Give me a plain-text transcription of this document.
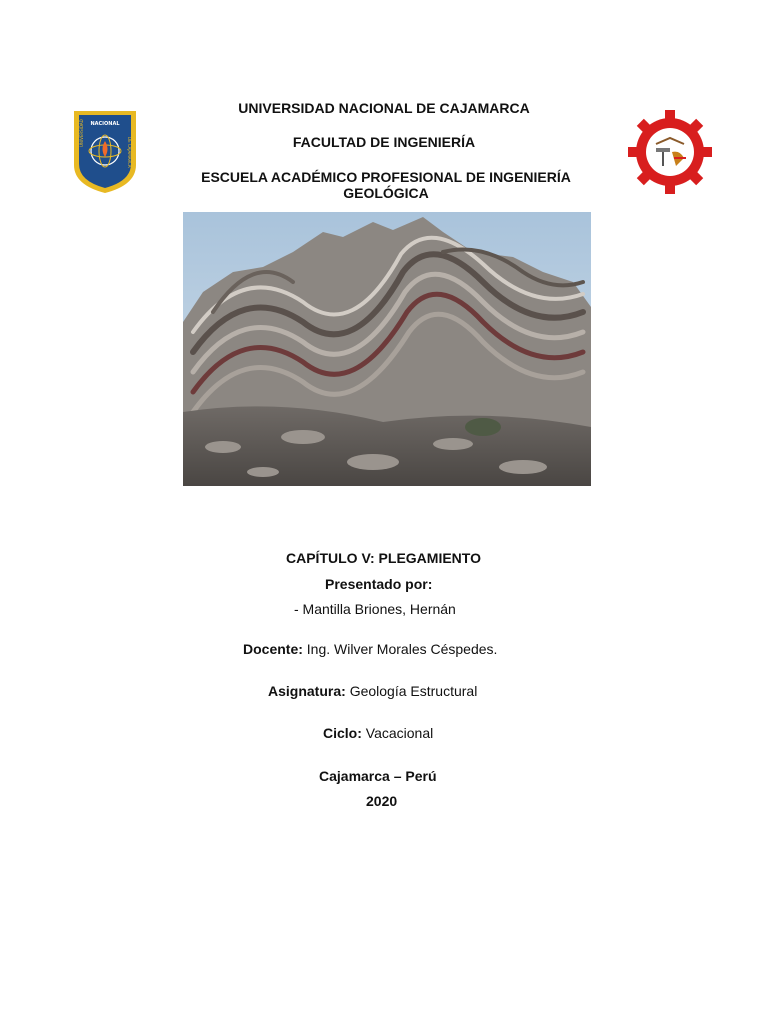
UNIVERSIDAD NACIONAL DE CAJAMARCA
FACULTAD DE INGENIERÍA
ESCUELA ACADÉMICO PROFESIONAL DE INGENIERÍA GEOLÓGICA
NACIONAL
UNIVERSIDAD
DE CAJAMARCA
CAPÍTULO V: PLEGAMIENTO
Presentado por:
- Mantilla Briones, Hernán
Docente: Ing. Wilver Morales Céspedes.
Asignatura: Geología Estructural
Ciclo: Vacacional
Cajamarca – Perú
2020
